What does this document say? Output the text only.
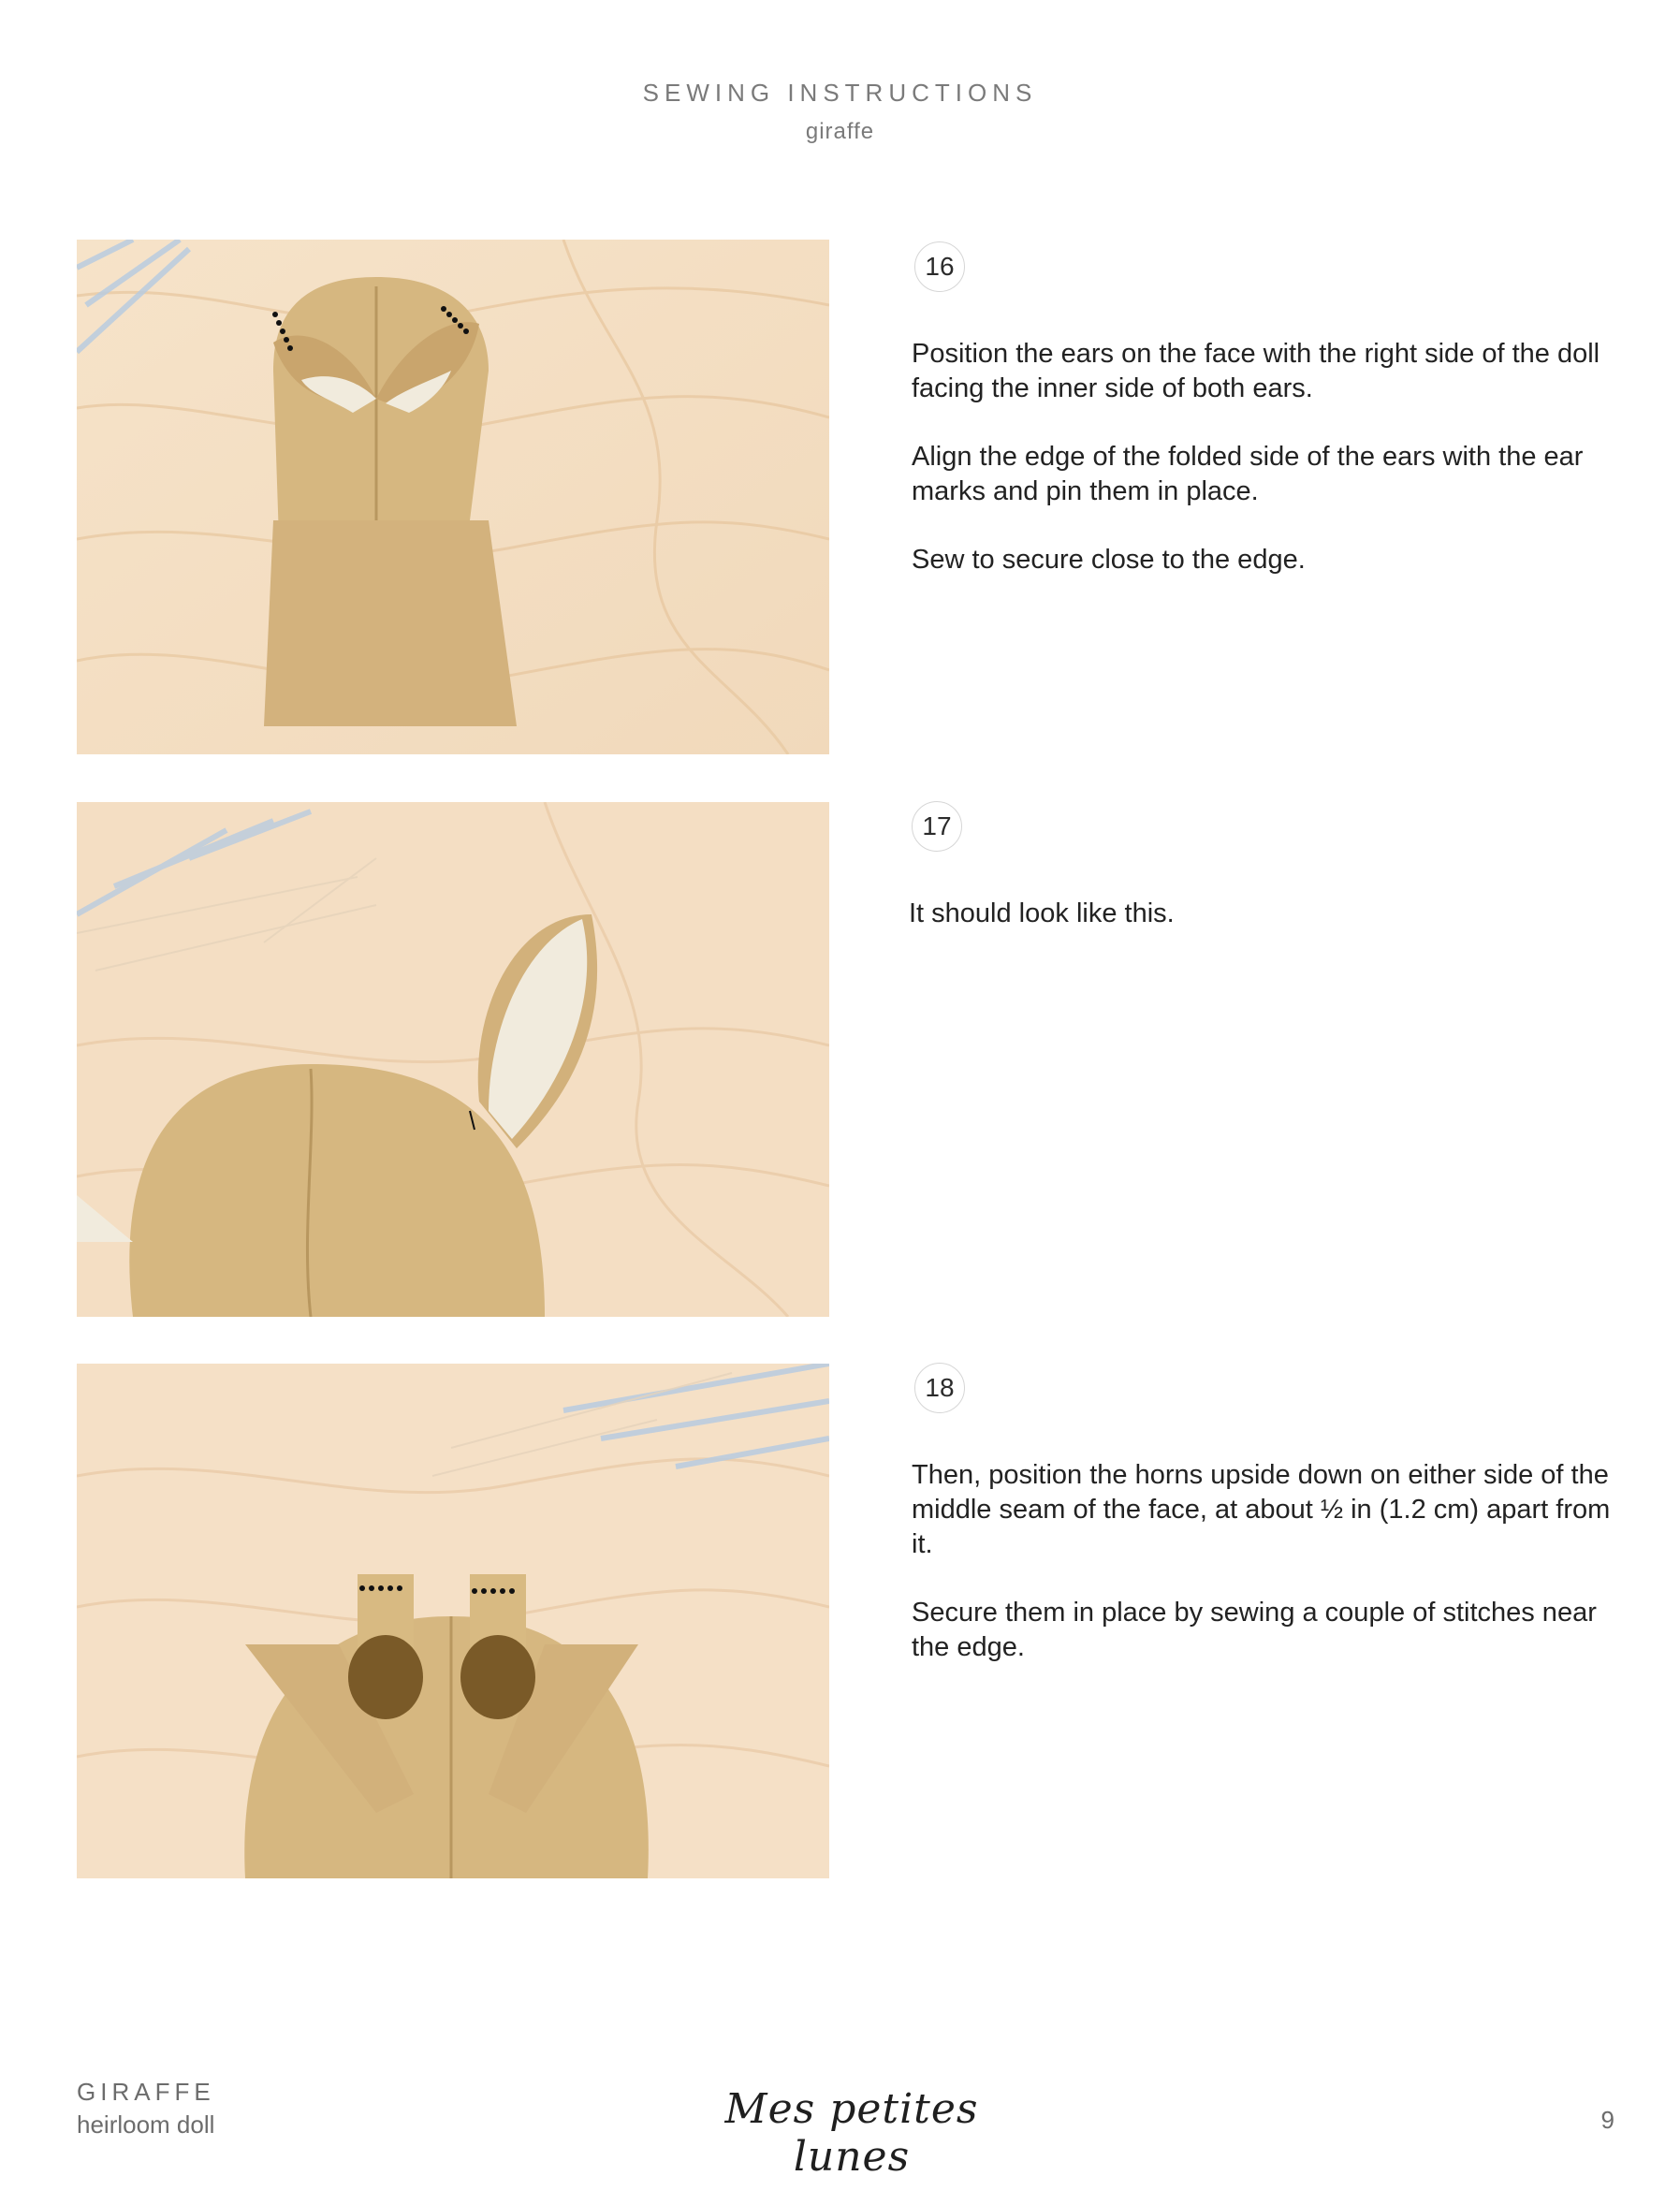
SEWING INSTRUCTIONS
giraffe
16

Position the ears on the face with the right side of the doll facing the inner side of both ears.

Align the edge of the folded side of the ears with the ear marks and pin them in place.

Sew to secure close to the edge.

17

It should look like this.

18

Then, position the horns upside down on either side of the middle seam of the face, at about ½ in (1.2 cm) apart from it.

Secure them in place by sewing a couple of stitches near the edge.

GIRAFFE
heirloom doll	Mes petites lunes
9
